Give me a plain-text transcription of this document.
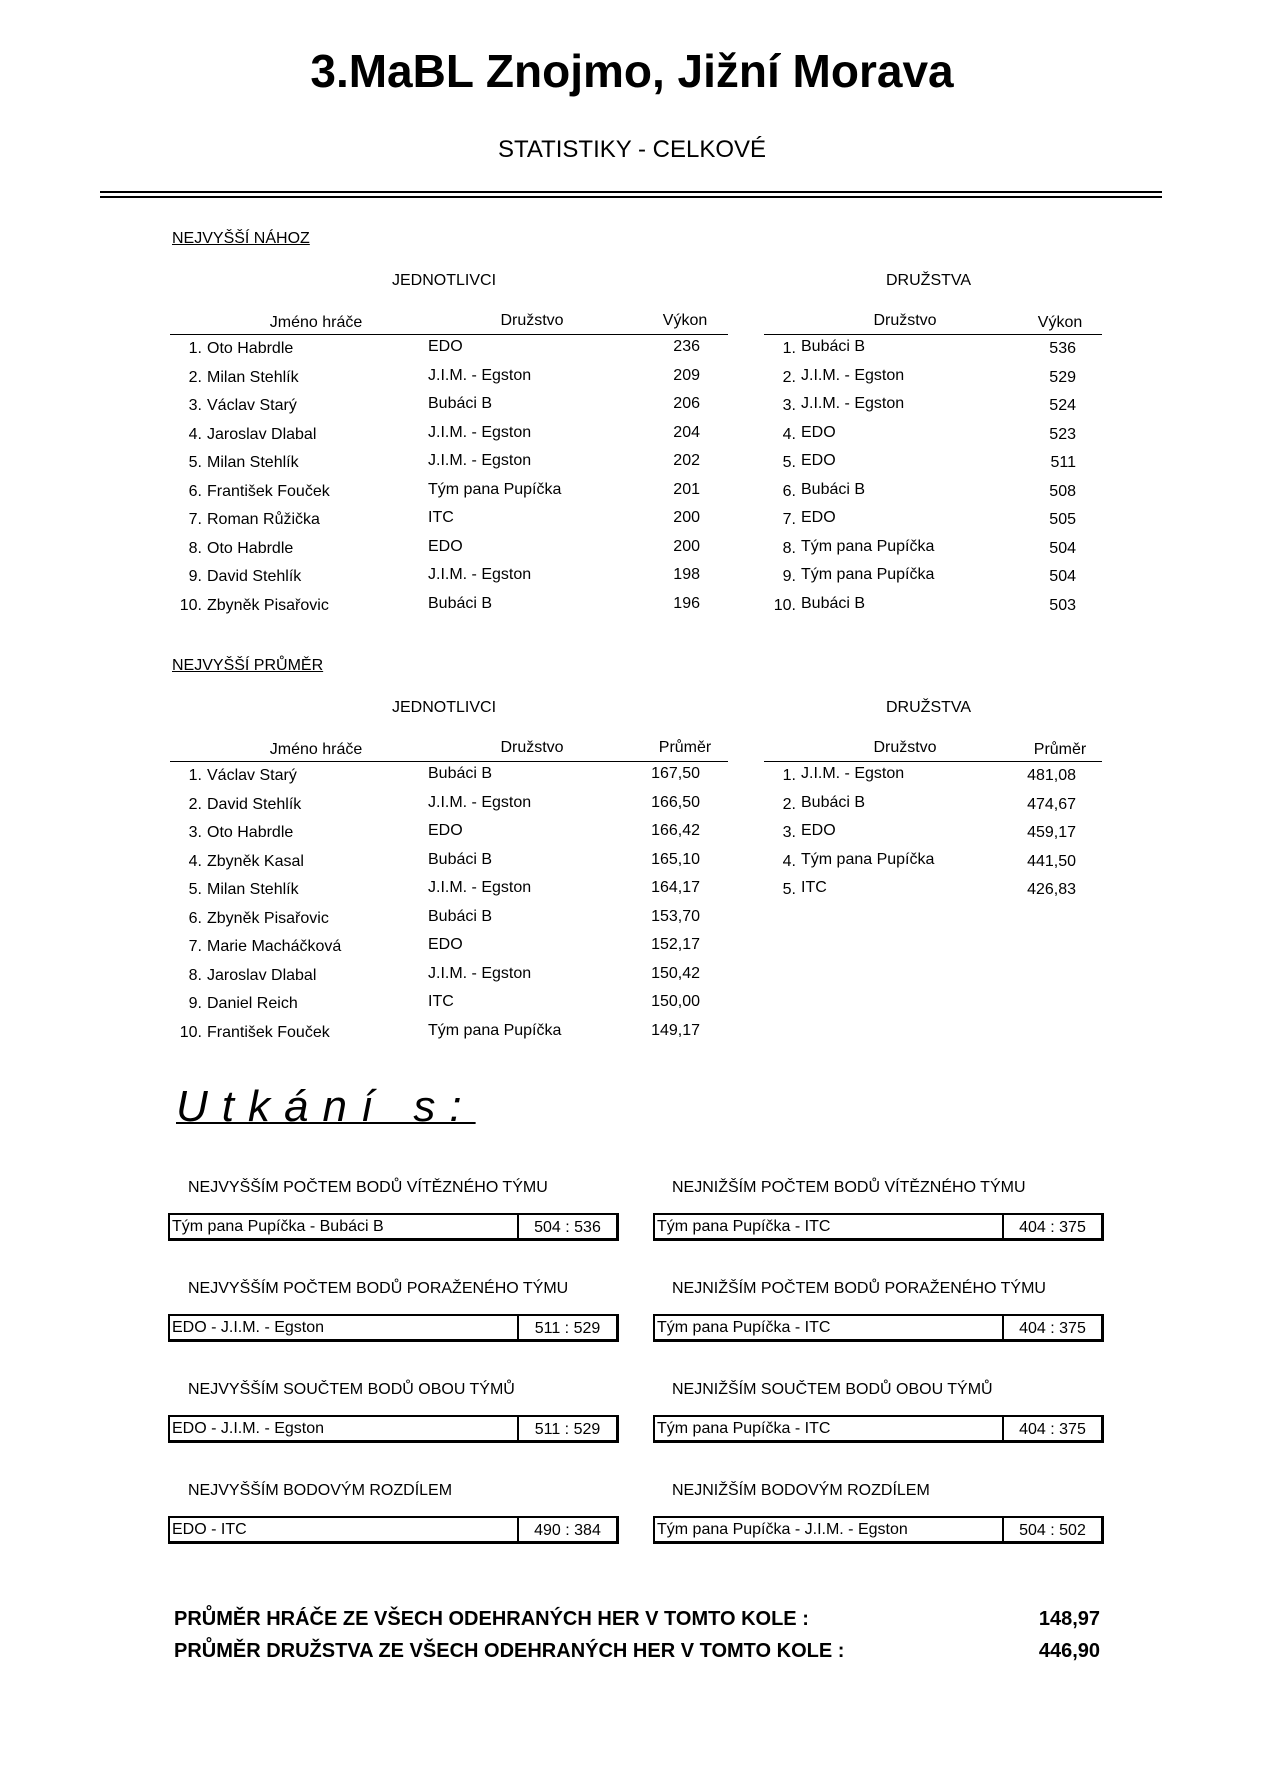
3.MaBL Znojmo, Jižní Morava
STATISTIKY - CELKOVÉ
NEJVYŠŠÍ NÁHOZ
JEDNOTLIVCI	DRUŽSTVA
Jméno hráče	Družstvo	Výkon	Družstvo	Výkon
1. Oto Habrdle	EDO	236
2. Milan Stehlík	J.I.M. - Egston	209
3. Václav Starý	Bubáci B	206
4. Jaroslav Dlabal	J.I.M. - Egston	204
5. Milan Stehlík	J.I.M. - Egston	202
6. František Fouček	Tým pana Pupíčka	201
7. Roman Růžička	ITC	200
8. Oto Habrdle	EDO	200
9. David Stehlík	J.I.M. - Egston	198
10. Zbyněk Pisařovic	Bubáci B	196
1. Bubáci B	536
2. J.I.M. - Egston	529
3. J.I.M. - Egston	524
4. EDO	523
5. EDO	511
6. Bubáci B	508
7. EDO	505
8. Tým pana Pupíčka	504
9. Tým pana Pupíčka	504
10. Bubáci B	503
NEJVYŠŠÍ PRŮMĚR
JEDNOTLIVCI	DRUŽSTVA
Jméno hráče	Družstvo	Průměr	Družstvo	Průměr
1. Václav Starý	Bubáci B	167,50
2. David Stehlík	J.I.M. - Egston	166,50
3. Oto Habrdle	EDO	166,42
4. Zbyněk Kasal	Bubáci B	165,10
5. Milan Stehlík	J.I.M. - Egston	164,17
6. Zbyněk Pisařovic	Bubáci B	153,70
7. Marie Macháčková	EDO	152,17
8. Jaroslav Dlabal	J.I.M. - Egston	150,42
9. Daniel Reich	ITC	150,00
10. František Fouček	Tým pana Pupíčka	149,17
1. J.I.M. - Egston	481,08
2. Bubáci B	474,67
3. EDO	459,17
4. Tým pana Pupíčka	441,50
5. ITC	426,83
Utkání s:
NEJVYŠŠÍM POČTEM BODŮ VÍTĚZNÉHO TÝMU
Tým pana Pupíčka - Bubáci B	504 : 536
NEJNIŽŠÍM POČTEM BODŮ VÍTĚZNÉHO TÝMU
Tým pana Pupíčka - ITC	404 : 375
NEJVYŠŠÍM POČTEM BODŮ PORAŽENÉHO TÝMU
EDO - J.I.M. - Egston	511 : 529
NEJNIŽŠÍM POČTEM BODŮ PORAŽENÉHO TÝMU
Tým pana Pupíčka - ITC	404 : 375
NEJVYŠŠÍM SOUČTEM BODŮ OBOU TÝMŮ
EDO - J.I.M. - Egston	511 : 529
NEJNIŽŠÍM SOUČTEM BODŮ OBOU TÝMŮ
Tým pana Pupíčka - ITC	404 : 375
NEJVYŠŠÍM BODOVÝM ROZDÍLEM
EDO - ITC	490 : 384
NEJNIŽŠÍM BODOVÝM ROZDÍLEM
Tým pana Pupíčka - J.I.M. - Egston	504 : 502
PRŮMĚR HRÁČE ZE VŠECH ODEHRANÝCH HER V TOMTO KOLE :	148,97
PRŮMĚR DRUŽSTVA ZE VŠECH ODEHRANÝCH HER V TOMTO KOLE :	446,90
